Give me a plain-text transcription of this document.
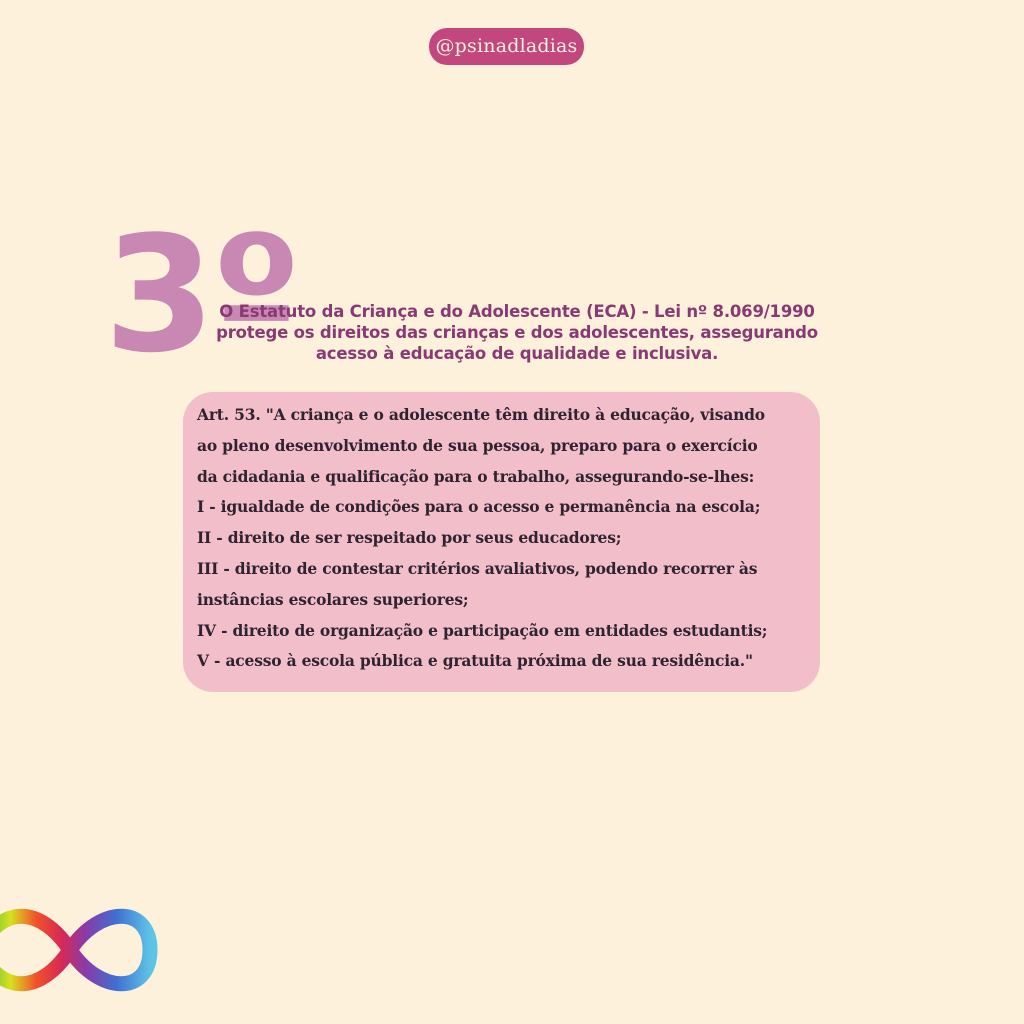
@psinadladias
3º
O Estatuto da Criança e do Adolescente (ECA) - Lei nº 8.069/1990
protege os direitos das crianças e dos adolescentes, assegurando
acesso à educação de qualidade e inclusiva.
Art. 53. "A criança e o adolescente têm direito à educação, visando
ao pleno desenvolvimento de sua pessoa, preparo para o exercício
da cidadania e qualificação para o trabalho, assegurando-se-lhes:
I - igualdade de condições para o acesso e permanência na escola;
II - direito de ser respeitado por seus educadores;
III - direito de contestar critérios avaliativos, podendo recorrer às
instâncias escolares superiores;
IV - direito de organização e participação em entidades estudantis;
V - acesso à escola pública e gratuita próxima de sua residência."
